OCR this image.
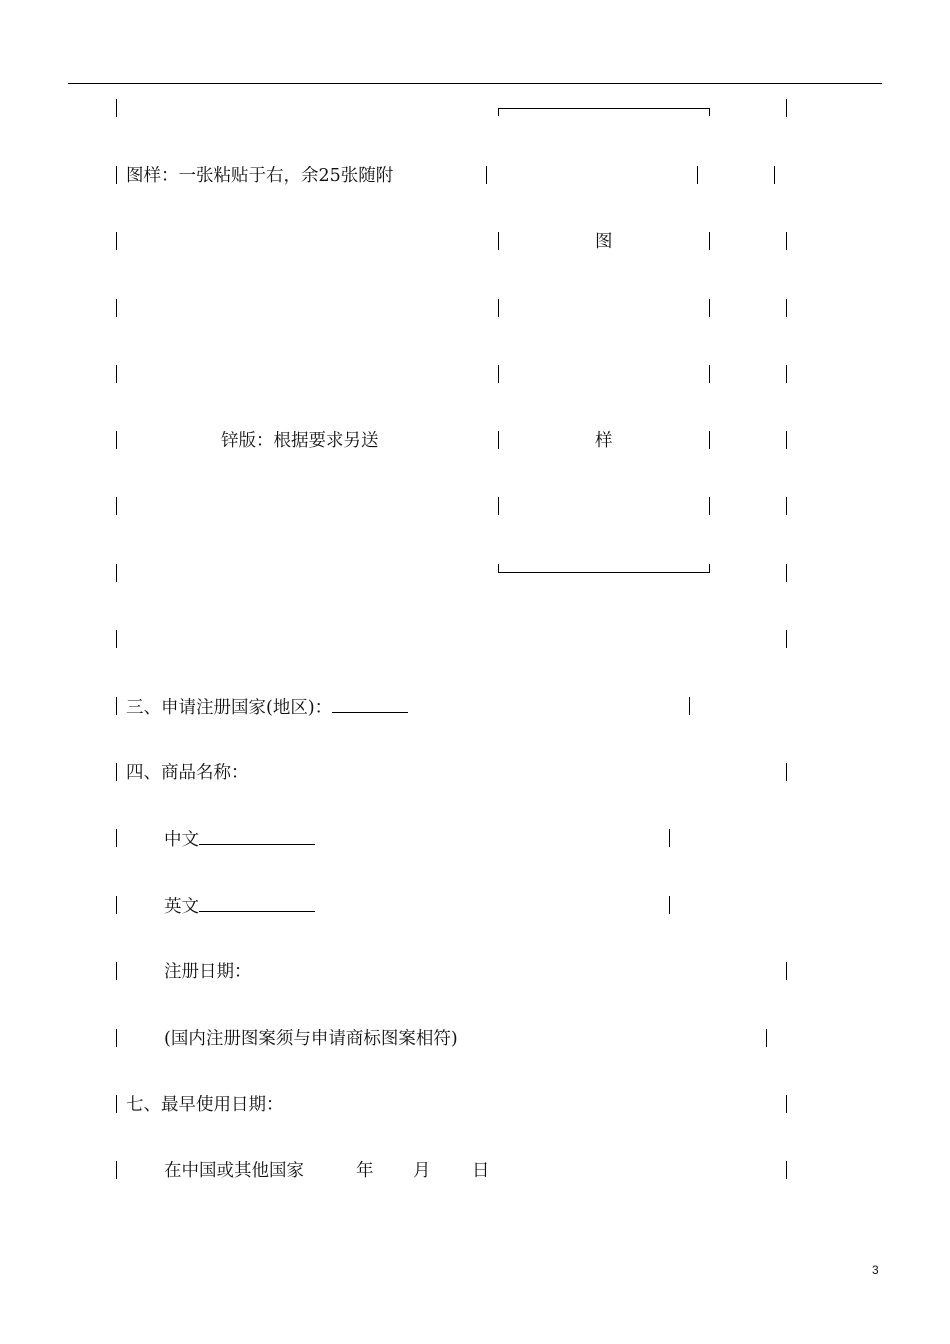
图
样
图样：一张粘贴于右，余25张随附
锌版：根据要求另送
三、申请注册国家(地区)：
四、商品名称：
中文
英文
注册日期：
(国内注册图案须与申请商标图案相符)
七、最早使用日期：
在中国或其他国家	年 月 日
3
